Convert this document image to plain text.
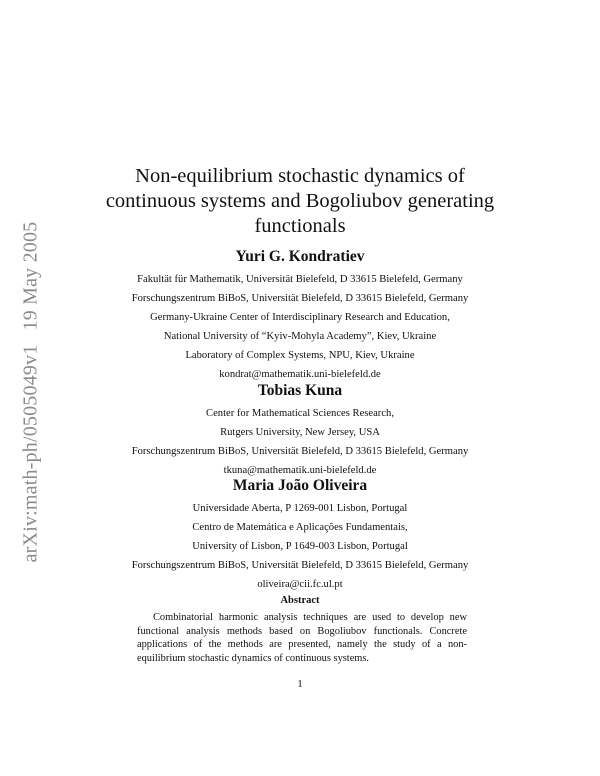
arXiv:math-ph/0505049v119 May 2005
Non-equilibrium stochastic dynamics of
continuous systems and Bogoliubov generating
functionals
Yuri G. Kondratiev
Fakultät für Mathematik, Universität Bielefeld, D 33615 Bielefeld, Germany
Forschungszentrum BiBoS, Universität Bielefeld, D 33615 Bielefeld, Germany
Germany-Ukraine Center of Interdisciplinary Research and Education,
National University of “Kyiv-Mohyla Academy”, Kiev, Ukraine
Laboratory of Complex Systems, NPU, Kiev, Ukraine
kondrat@mathematik.uni-bielefeld.de
Tobias Kuna
Center for Mathematical Sciences Research,
Rutgers University, New Jersey, USA
Forschungszentrum BiBoS, Universität Bielefeld, D 33615 Bielefeld, Germany
tkuna@mathematik.uni-bielefeld.de
Maria João Oliveira
Universidade Aberta, P 1269-001 Lisbon, Portugal
Centro de Matemática e Aplicações Fundamentais,
University of Lisbon, P 1649-003 Lisbon, Portugal
Forschungszentrum BiBoS, Universität Bielefeld, D 33615 Bielefeld, Germany
oliveira@cii.fc.ul.pt
Abstract
Combinatorial harmonic analysis techniques are used to develop new functional analysis methods based on Bogoliubov functionals. Concrete applications of the methods are presented, namely the study of a non-equilibrium stochastic dynamics of continuous systems.
1
